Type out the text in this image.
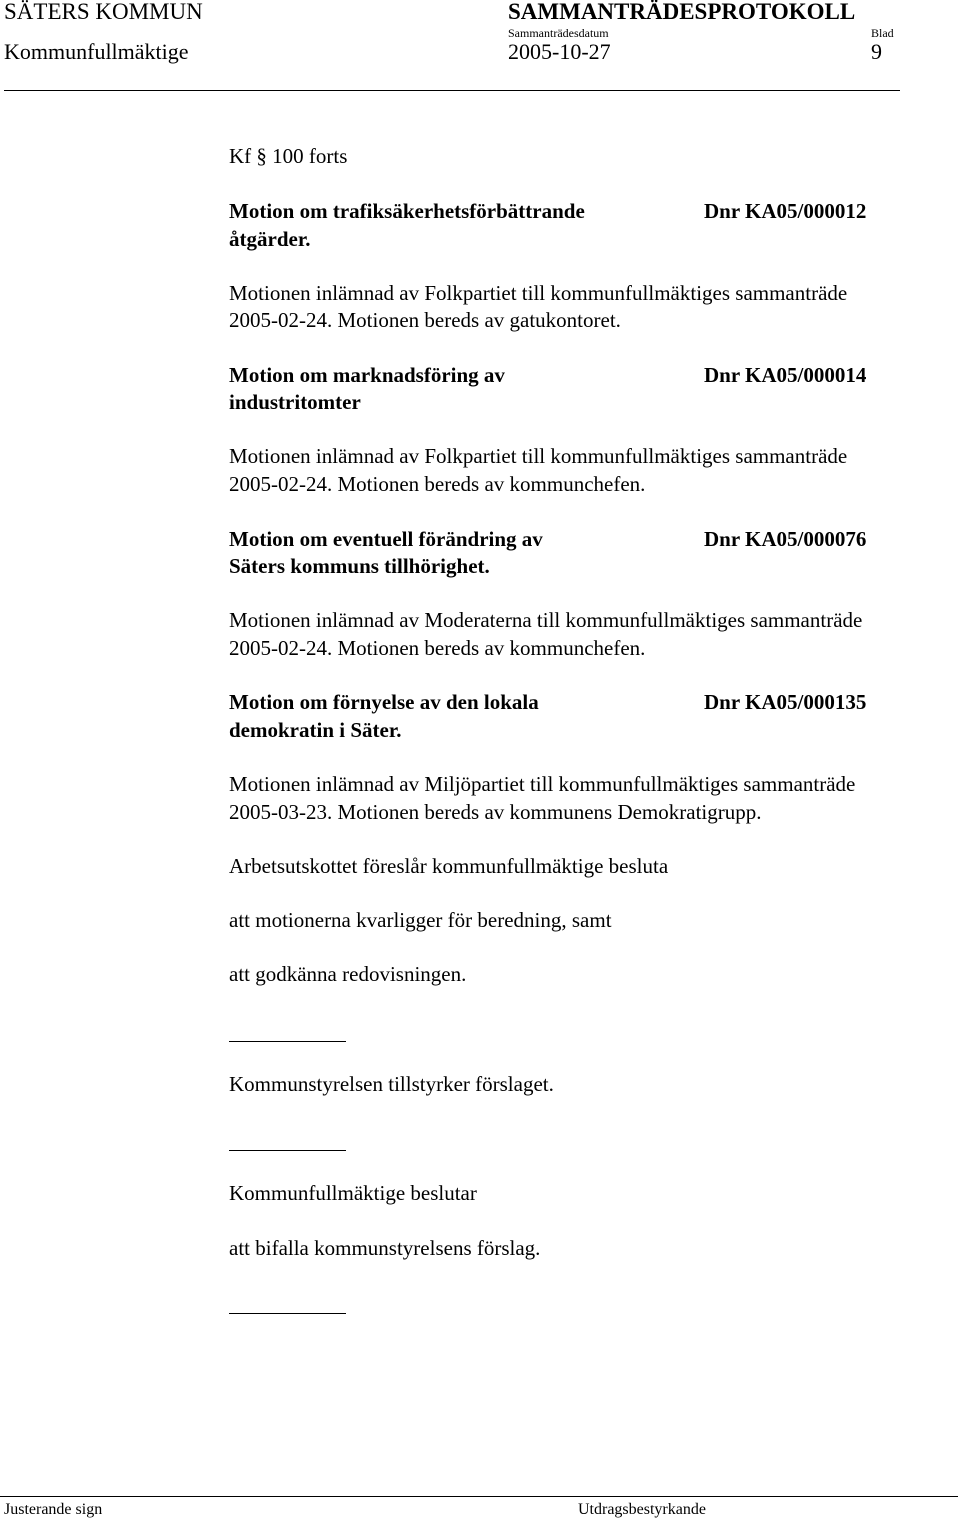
SÄTERS KOMMUN	SAMMANTRÄDESPROTOKOLL
Sammanträdesdatum	Blad
Kommunfullmäktige	2005-10-27	9
Kf § 100 forts
Motion om trafiksäkerhetsförbättrande
åtgärder.
Dnr KA05/000012
Motionen inlämnad av Folkpartiet till kommunfullmäktiges sammanträde
2005-02-24. Motionen bereds av gatukontoret.
Motion om marknadsföring av
industritomter
Dnr KA05/000014
Motionen inlämnad av Folkpartiet till kommunfullmäktiges sammanträde
2005-02-24. Motionen bereds av kommunchefen.
Motion om eventuell förändring av
Säters kommuns tillhörighet.
Dnr KA05/000076
Motionen inlämnad av Moderaterna till kommunfullmäktiges sammanträde
2005-02-24. Motionen bereds av kommunchefen.
Motion om förnyelse av den lokala
demokratin i Säter.
Dnr KA05/000135
Motionen inlämnad av Miljöpartiet till kommunfullmäktiges sammanträde
2005-03-23. Motionen bereds av kommunens Demokratigrupp.
Arbetsutskottet föreslår kommunfullmäktige besluta
att motionerna kvarligger för beredning, samt
att godkänna redovisningen.
Kommunstyrelsen tillstyrker förslaget.
Kommunfullmäktige beslutar
att bifalla kommunstyrelsens förslag.
Justerande sign	Utdragsbestyrkande
